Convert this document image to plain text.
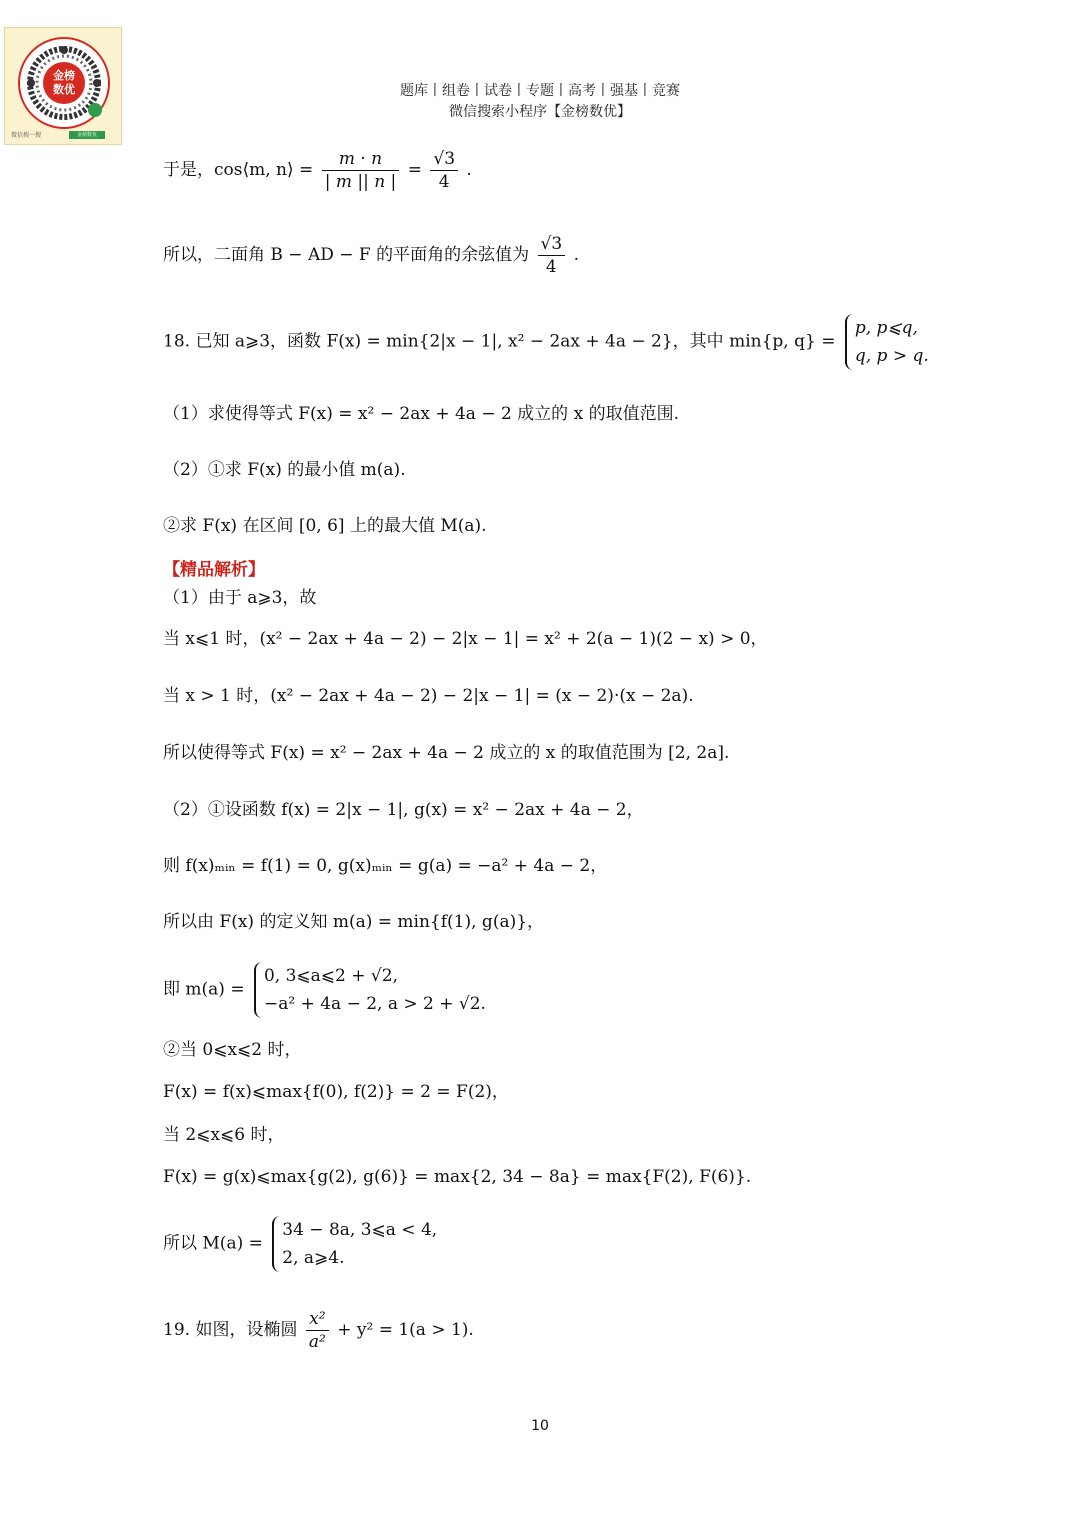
金榜
数优
微信搜一搜	金榜数优
题库丨组卷丨试卷丨专题丨高考丨强基丨竞赛
微信搜索小程序【金榜数优】
于是，cos⟨m, n⟩ = $\frac{m \cdot n}{| m || n |} = \frac{√3}{4}$ .
所以，二面角 B − AD − F 的平面角的余弦值为 $\frac{√3}{4}$ .
18. 已知 a⩾3，函数 F(x) = min{2|x − 1|, x² − 2ax + 4a − 2}，其中 min{p, q} =
p, p⩽q,
q, p > q.
（1）求使得等式 F(x) = x² − 2ax + 4a − 2 成立的 x 的取值范围.
（2）①求 F(x) 的最小值 m(a).
②求 F(x) 在区间 [0, 6] 上的最大值 M(a).
【精品解析】
（1）由于 a⩾3，故
当 x⩽1 时，(x² − 2ax + 4a − 2) − 2|x − 1| = x² + 2(a − 1)(2 − x) > 0，
当 x > 1 时，(x² − 2ax + 4a − 2) − 2|x − 1| = (x − 2)·(x − 2a).
所以使得等式 F(x) = x² − 2ax + 4a − 2 成立的 x 的取值范围为 [2, 2a].
（2）①设函数 f(x) = 2|x − 1|, g(x) = x² − 2ax + 4a − 2，
则 f(x)ₘᵢₙ = f(1) = 0, g(x)ₘᵢₙ = g(a) = −a² + 4a − 2，
所以由 F(x) 的定义知 m(a) = min{f(1), g(a)}，
即 m(a) =
0, 3⩽a⩽2 + √2,
−a² + 4a − 2, a > 2 + √2.
②当 0⩽x⩽2 时，
F(x) = f(x)⩽max{f(0), f(2)} = 2 = F(2)，
当 2⩽x⩽6 时，
F(x) = g(x)⩽max{g(2), g(6)} = max{2, 34 − 8a} = max{F(2), F(6)}.
所以 M(a) =
34 − 8a, 3⩽a < 4,
2, a⩾4.
19. 如图，设椭圆 $\frac{\text{x²}}{\text{a²}} + y^2 = 1(a > 1)$.
10
